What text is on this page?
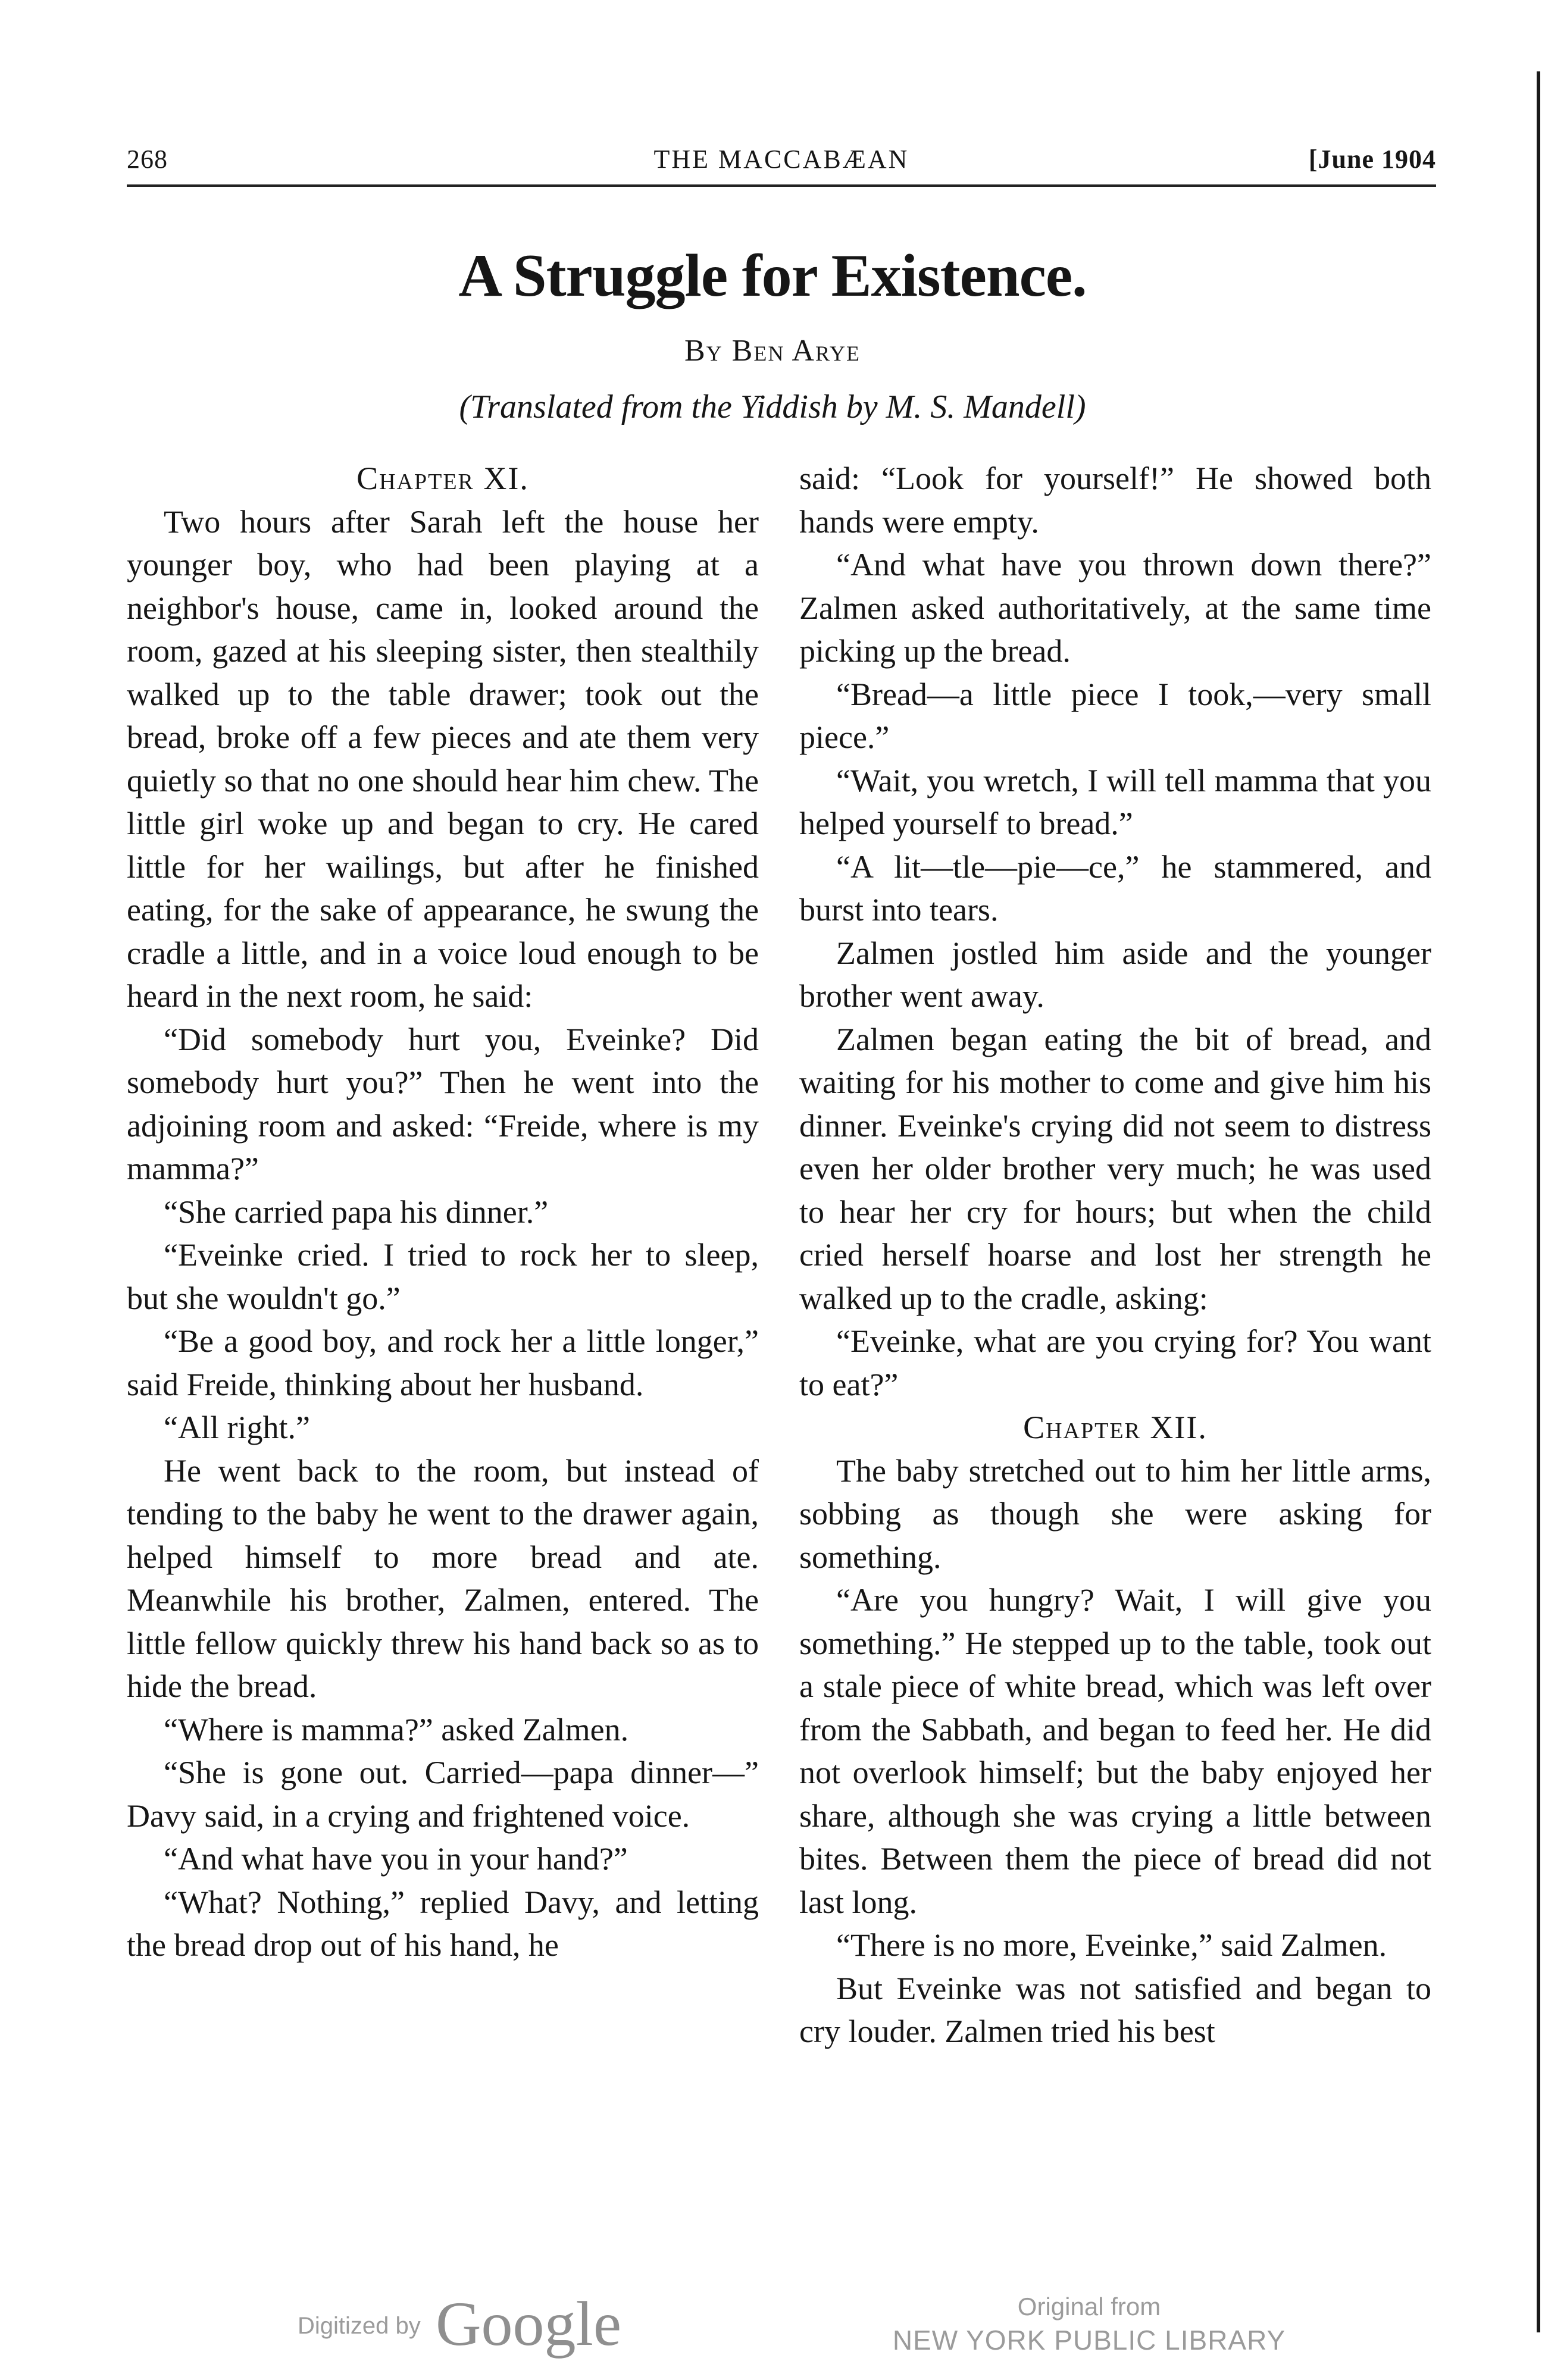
268	THE MACCABÆAN	[June 1904
A Struggle for Existence.
By Ben Arye
(Translated from the Yiddish by M. S. Mandell)
Chapter XI.

Two hours after Sarah left the house her younger boy, who had been playing at a neighbor's house, came in, looked around the room, gazed at his sleeping sister, then stealthily walked up to the table drawer; took out the bread, broke off a few pieces and ate them very quietly so that no one should hear him chew. The little girl woke up and began to cry. He cared little for her wailings, but after he finished eating, for the sake of appearance, he swung the cradle a little, and in a voice loud enough to be heard in the next room, he said:

“Did somebody hurt you, Eveinke? Did somebody hurt you?” Then he went into the adjoining room and asked: “Freide, where is my mamma?”

“She carried papa his dinner.”

“Eveinke cried. I tried to rock her to sleep, but she wouldn't go.”

“Be a good boy, and rock her a little longer,” said Freide, thinking about her husband.

“All right.”

He went back to the room, but instead of tending to the baby he went to the drawer again, helped himself to more bread and ate. Meanwhile his brother, Zalmen, entered. The little fellow quickly threw his hand back so as to hide the bread.

“Where is mamma?” asked Zalmen.

“She is gone out. Carried—papa dinner—” Davy said, in a crying and frightened voice.

“And what have you in your hand?”

“What? Nothing,” replied Davy, and letting the bread drop out of his hand, he

said: “Look for yourself!” He showed both hands were empty.

“And what have you thrown down there?” Zalmen asked authoritatively, at the same time picking up the bread.

“Bread—a little piece I took,—very small piece.”

“Wait, you wretch, I will tell mamma that you helped yourself to bread.”

“A lit—tle—pie—ce,” he stammered, and burst into tears.

Zalmen jostled him aside and the younger brother went away.

Zalmen began eating the bit of bread, and waiting for his mother to come and give him his dinner. Eveinke's crying did not seem to distress even her older brother very much; he was used to hear her cry for hours; but when the child cried herself hoarse and lost her strength he walked up to the cradle, asking:

“Eveinke, what are you crying for? You want to eat?”

Chapter XII.

The baby stretched out to him her little arms, sobbing as though she were asking for something.

“Are you hungry? Wait, I will give you something.” He stepped up to the table, took out a stale piece of white bread, which was left over from the Sabbath, and began to feed her. He did not overlook himself; but the baby enjoyed her share, although she was crying a little between bites. Between them the piece of bread did not last long.

“There is no more, Eveinke,” said Zalmen.

But Eveinke was not satisfied and began to cry louder. Zalmen tried his best

Digitized by Google	Original from
NEW YORK PUBLIC LIBRARY
